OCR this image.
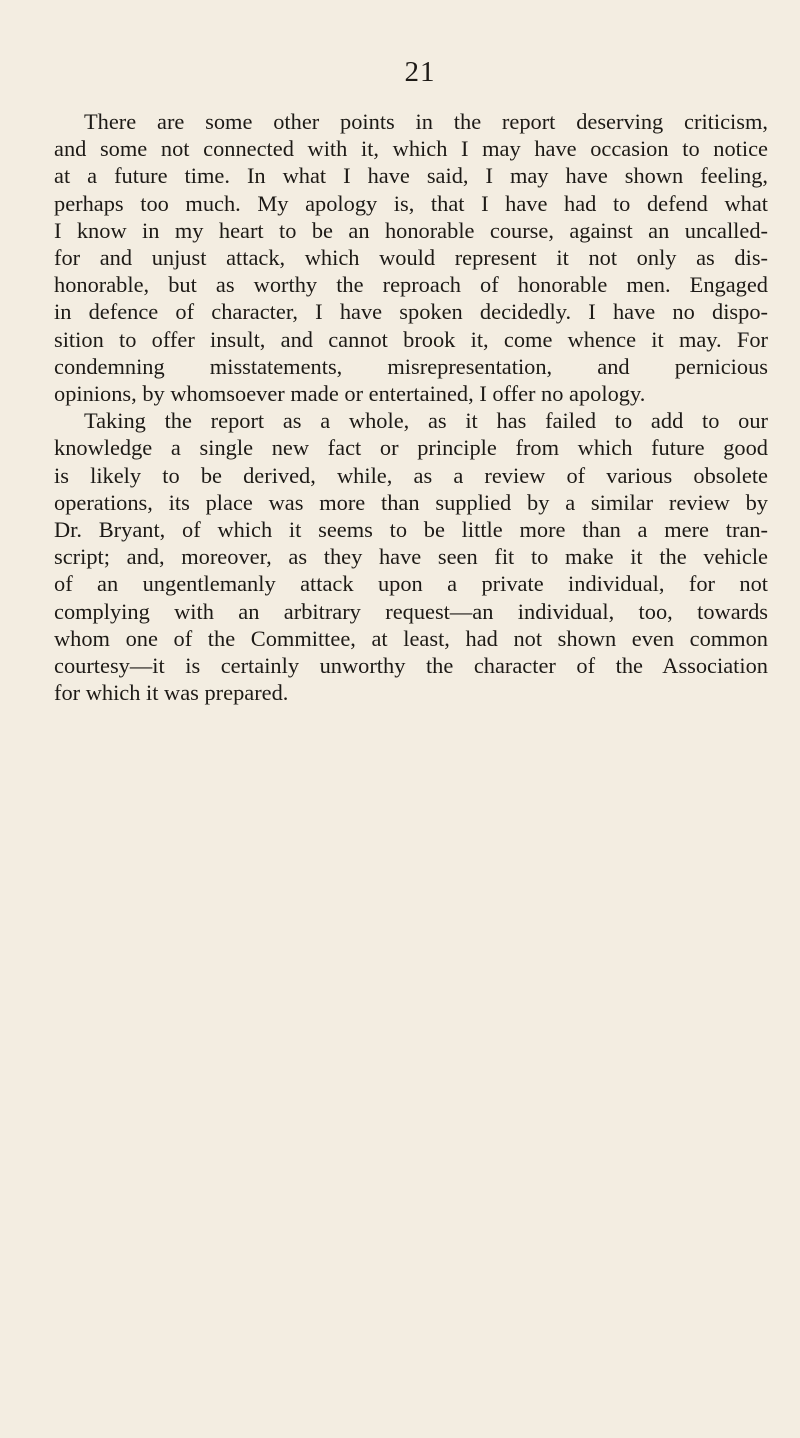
21
There are some other points in the report deserving criticism,
and some not connected with it, which I may have occasion to notice
at a future time. In what I have said, I may have shown feeling,
perhaps too much. My apology is, that I have had to defend what
I know in my heart to be an honorable course, against an uncalled-
for and unjust attack, which would represent it not only as dis-
honorable, but as worthy the reproach of honorable men. Engaged
in defence of character, I have spoken decidedly. I have no dispo-
sition to offer insult, and cannot brook it, come whence it may. For
condemning misstatements, misrepresentation, and pernicious
opinions, by whomsoever made or entertained, I offer no apology.
Taking the report as a whole, as it has failed to add to our
knowledge a single new fact or principle from which future good
is likely to be derived, while, as a review of various obsolete
operations, its place was more than supplied by a similar review by
Dr. Bryant, of which it seems to be little more than a mere tran-
script; and, moreover, as they have seen fit to make it the vehicle
of an ungentlemanly attack upon a private individual, for not
complying with an arbitrary request—an individual, too, towards
whom one of the Committee, at least, had not shown even common
courtesy—it is certainly unworthy the character of the Association
for which it was prepared.
